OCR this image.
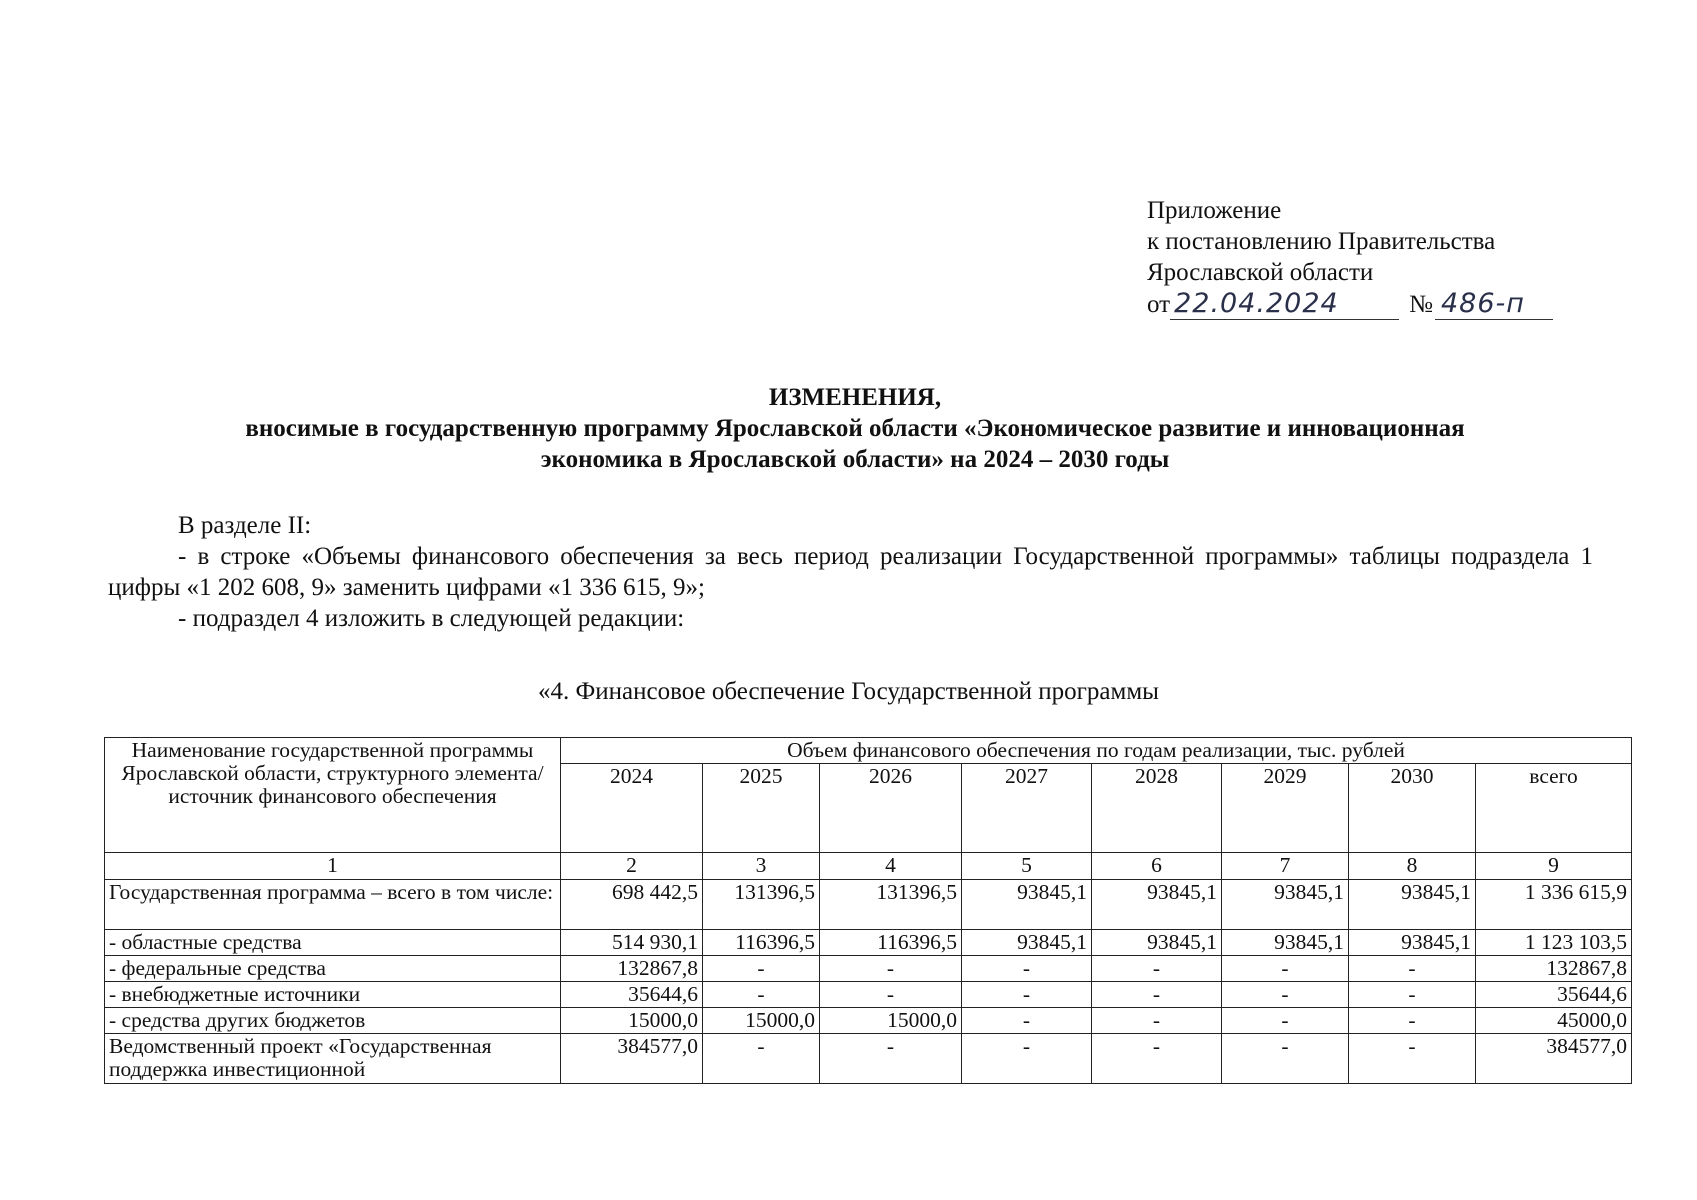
Приложение
к постановлению Правительства
Ярославской области
от 22.04.2024	№ 486-п
ИЗМЕНЕНИЯ,
вносимые в государственную программу Ярославской области «Экономическое развитие и инновационная
экономика в Ярославской области» на 2024 – 2030 годы

В разделе II:

- в строке «Объемы финансового обеспечения за весь период реализации Государственной программы» таблицы подраздела 1 цифры «1 202 608, 9» заменить цифрами «1 336 615, 9»;

- подраздел 4 изложить в следующей редакции:

«4. Финансовое обеспечение Государственной программы
Наименование государственной программы Ярославской области, структурного элемента/ источник финансового обеспечения	Объем финансового обеспечения по годам реализации, тыс. рублей							
	2024	2025	2026	2027	2028	2029	2030	всего
1	2	3	4	5	6	7	8	9
Государственная программа – всего в том числе:	698 442,5	131396,5	131396,5	93845,1	93845,1	93845,1	93845,1	1 336 615,9
- областные средства	514 930,1	116396,5	116396,5	93845,1	93845,1	93845,1	93845,1	1 123 103,5
- федеральные средства	132867,8	-	-	-	-	-	-	132867,8
- внебюджетные источники	35644,6	-	-	-	-	-	-	35644,6
- средства других бюджетов	15000,0	15000,0	15000,0	-	-	-	-	45000,0
Ведомственный проект «Государственная поддержка инвестиционной	384577,0	-	-	-	-	-	-	384577,0
